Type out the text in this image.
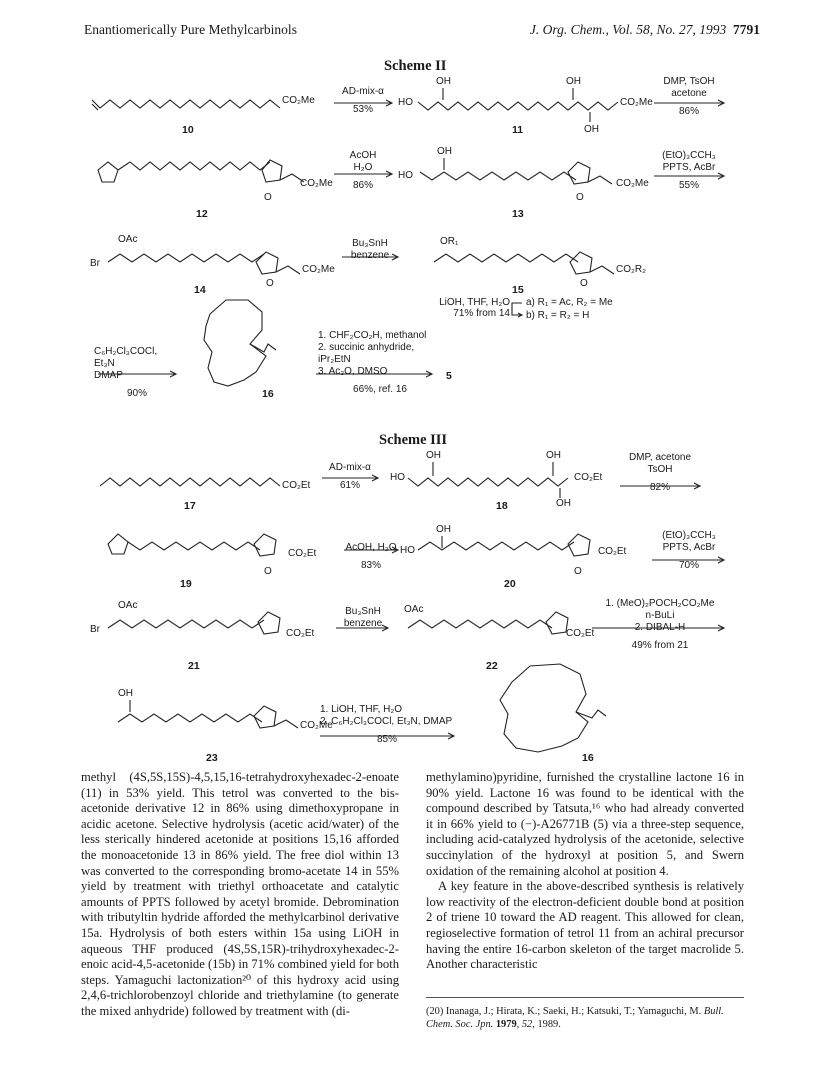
Enantiomerically Pure Methylcarbinols	J. Org. Chem., Vol. 58, No. 27, 1993 7791
Scheme II
CO₂Me
10
AD-mix-α
53%
HO
OH	OH
OH
CO₂Me
11
DMP, TsOH
acetone
86%
CO₂Me
O
12
AcOH
H₂O
86%
HO
OH
CO₂Me
O
13
(EtO)₃CCH₃
PPTS, AcBr
55%
Br
OAc
CO₂Me
O
14
Bu₃SnH
benzene
OR₁
CO₂R₂
O
15
LiOH, THF, H₂O
71% from 14
a) R₁ = Ac, R₂ = Me
b) R₁ = R₂ = H
C₆H₂Cl₃COCl, Et₃N
DMAP
90%	16
1. CHF₂CO₂H, methanol
2. succinic anhydride, iPr₂EtN
3. Ac₂O, DMSO
66%, ref. 16
5
Scheme III
CO₂Et
17
AD-mix-α
61%
HO
OH	OH
OH
CO₂Et
18
DMP, acetone
TsOH
82%
CO₂Et
O
19
AcOH, H₂O
83%
HO
OH
CO₂Et
O
20
(EtO)₃CCH₃
PPTS, AcBr
70%
Br
OAc
CO₂Et
21
Bu₃SnH
benzene
OAc
CO₂Et
22
1. (MeO)₂POCH₂CO₂Me
n-BuLi
2. DIBAL-H
49% from 21
OH
CO₂Me
23
1. LiOH, THF, H₂O
2. C₆H₂Cl₃COCl, Et₃N, DMAP
85%
16

methyl (4S,5S,15S)-4,5,15,16-tetrahydroxyhexadec-2-enoate (11) in 53% yield. This tetrol was converted to the bis-acetonide derivative 12 in 86% using dimethoxypropane in acidic acetone. Selective hydrolysis (acetic acid/water) of the less sterically hindered acetonide at positions 15,16 afforded the monoacetonide 13 in 86% yield. The free diol within 13 was converted to the corresponding bromo-acetate 14 in 55% yield by treatment with triethyl orthoacetate and catalytic amounts of PPTS followed by acetyl bromide. Debromination with tributyltin hydride afforded the methylcarbinol derivative 15a. Hydrolysis of both esters within 15a using LiOH in aqueous THF produced (4S,5S,15R)-trihydroxyhexadec-2-enoic acid-4,5-acetonide (15b) in 71% combined yield for both steps. Yamaguchi lactonization²⁰ of this hydroxy acid using 2,4,6-trichlorobenzoyl chloride and triethylamine (to generate the mixed anhydride) followed by treatment with (di-

methylamino)pyridine, furnished the crystalline lactone 16 in 90% yield. Lactone 16 was found to be identical with the compound described by Tatsuta,¹⁶ who had already converted it in 66% yield to (−)-A26771B (5) via a three-step sequence, including acid-catalyzed hydrolysis of the acetonide, selective succinylation of the hydroxyl at position 5, and Swern oxidation of the remaining alcohol at position 4.

A key feature in the above-described synthesis is relatively low reactivity of the electron-deficient double bond at position 2 of triene 10 toward the AD reagent. This allowed for clean, regioselective formation of tetrol 11 from an achiral precursor having the entire 16-carbon skeleton of the target macrolide 5. Another characteristic

(20) Inanaga, J.; Hirata, K.; Saeki, H.; Katsuki, T.; Yamaguchi, M. Bull. Chem. Soc. Jpn. 1979, 52, 1989.
